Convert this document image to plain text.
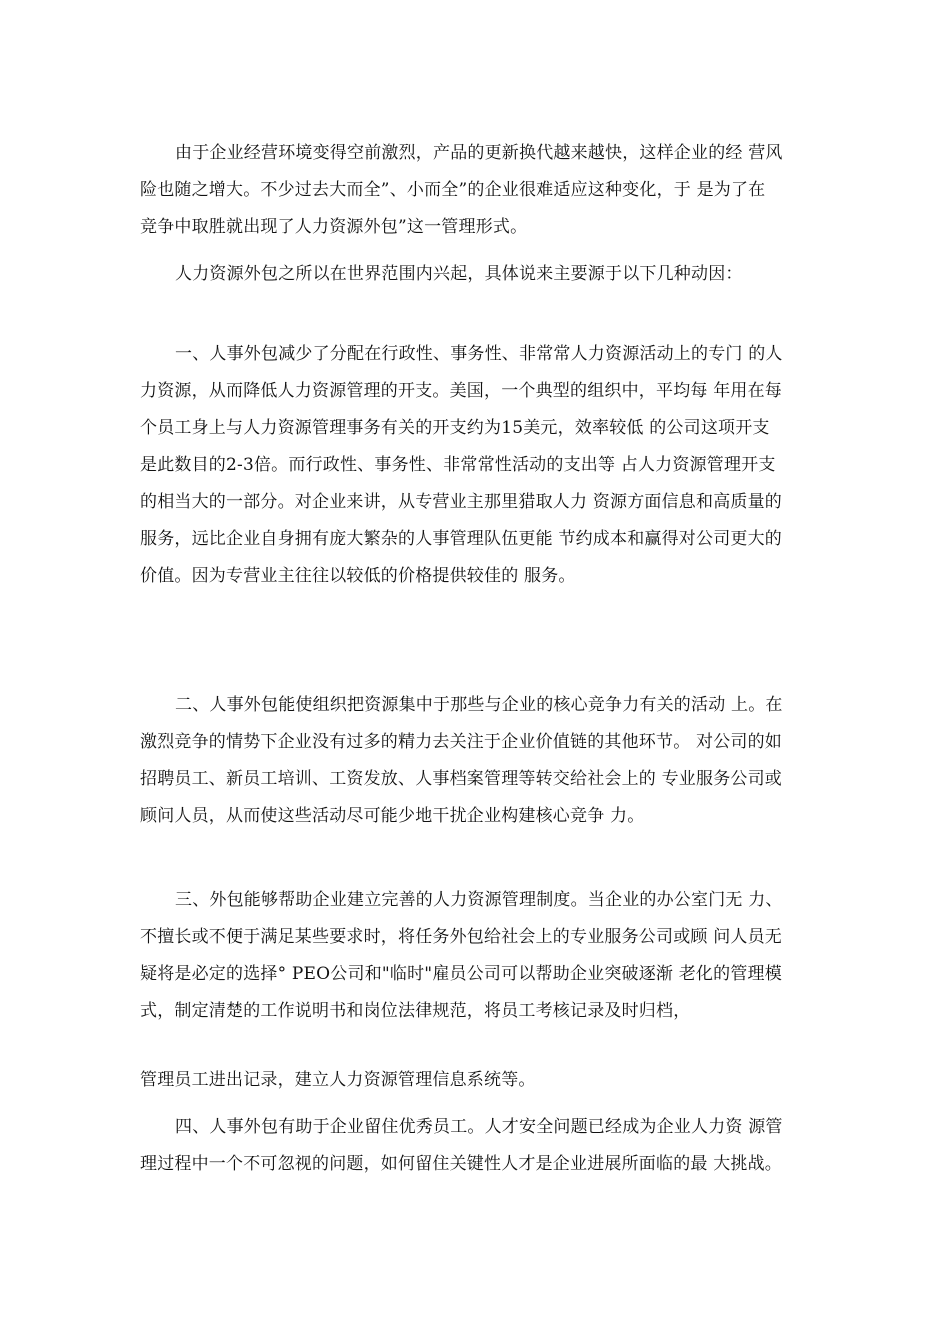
由于企业经营环境变得空前激烈，产品的更新换代越来越快，这样企业的经 营风
险也随之增大。不少过去大而全”、小而全”的企业很难适应这种变化，于 是为了在
竞争中取胜就出现了人力资源外包”这一管理形式。

人力资源外包之所以在世界范围内兴起，具体说来主要源于以下几种动因：

一、人事外包减少了分配在行政性、事务性、非常常人力资源活动上的专门 的人
力资源，从而降低人力资源管理的开支。美国，一个典型的组织中，平均每 年用在每
个员工身上与人力资源管理事务有关的开支约为15美元，效率较低 的公司这项开支
是此数目的2-3倍。而行政性、事务性、非常常性活动的支出等 占人力资源管理开支
的相当大的一部分。对企业来讲，从专营业主那里猎取人力 资源方面信息和高质量的
服务，远比企业自身拥有庞大繁杂的人事管理队伍更能 节约成本和赢得对公司更大的
价值。因为专营业主往往以较低的价格提供较佳的 服务。

二、人事外包能使组织把资源集中于那些与企业的核心竞争力有关的活动 上。在
激烈竞争的情势下企业没有过多的精力去关注于企业价值链的其他环节。 对公司的如
招聘员工、新员工培训、工资发放、人事档案管理等转交给社会上的 专业服务公司或
顾问人员，从而使这些活动尽可能少地干扰企业构建核心竞争 力。

三、外包能够帮助企业建立完善的人力资源管理制度。当企业的办公室门无 力、
不擅长或不便于满足某些要求时，将任务外包给社会上的专业服务公司或顾 问人员无
疑将是必定的选择° PEO公司和"临时"雇员公司可以帮助企业突破逐渐 老化的管理模
式，制定清楚的工作说明书和岗位法律规范，将员工考核记录及时归档，

管理员工进出记录，建立人力资源管理信息系统等。

四、人事外包有助于企业留住优秀员工。人才安全问题已经成为企业人力资 源管
理过程中一个不可忽视的问题，如何留住关键性人才是企业进展所面临的最 大挑战。
